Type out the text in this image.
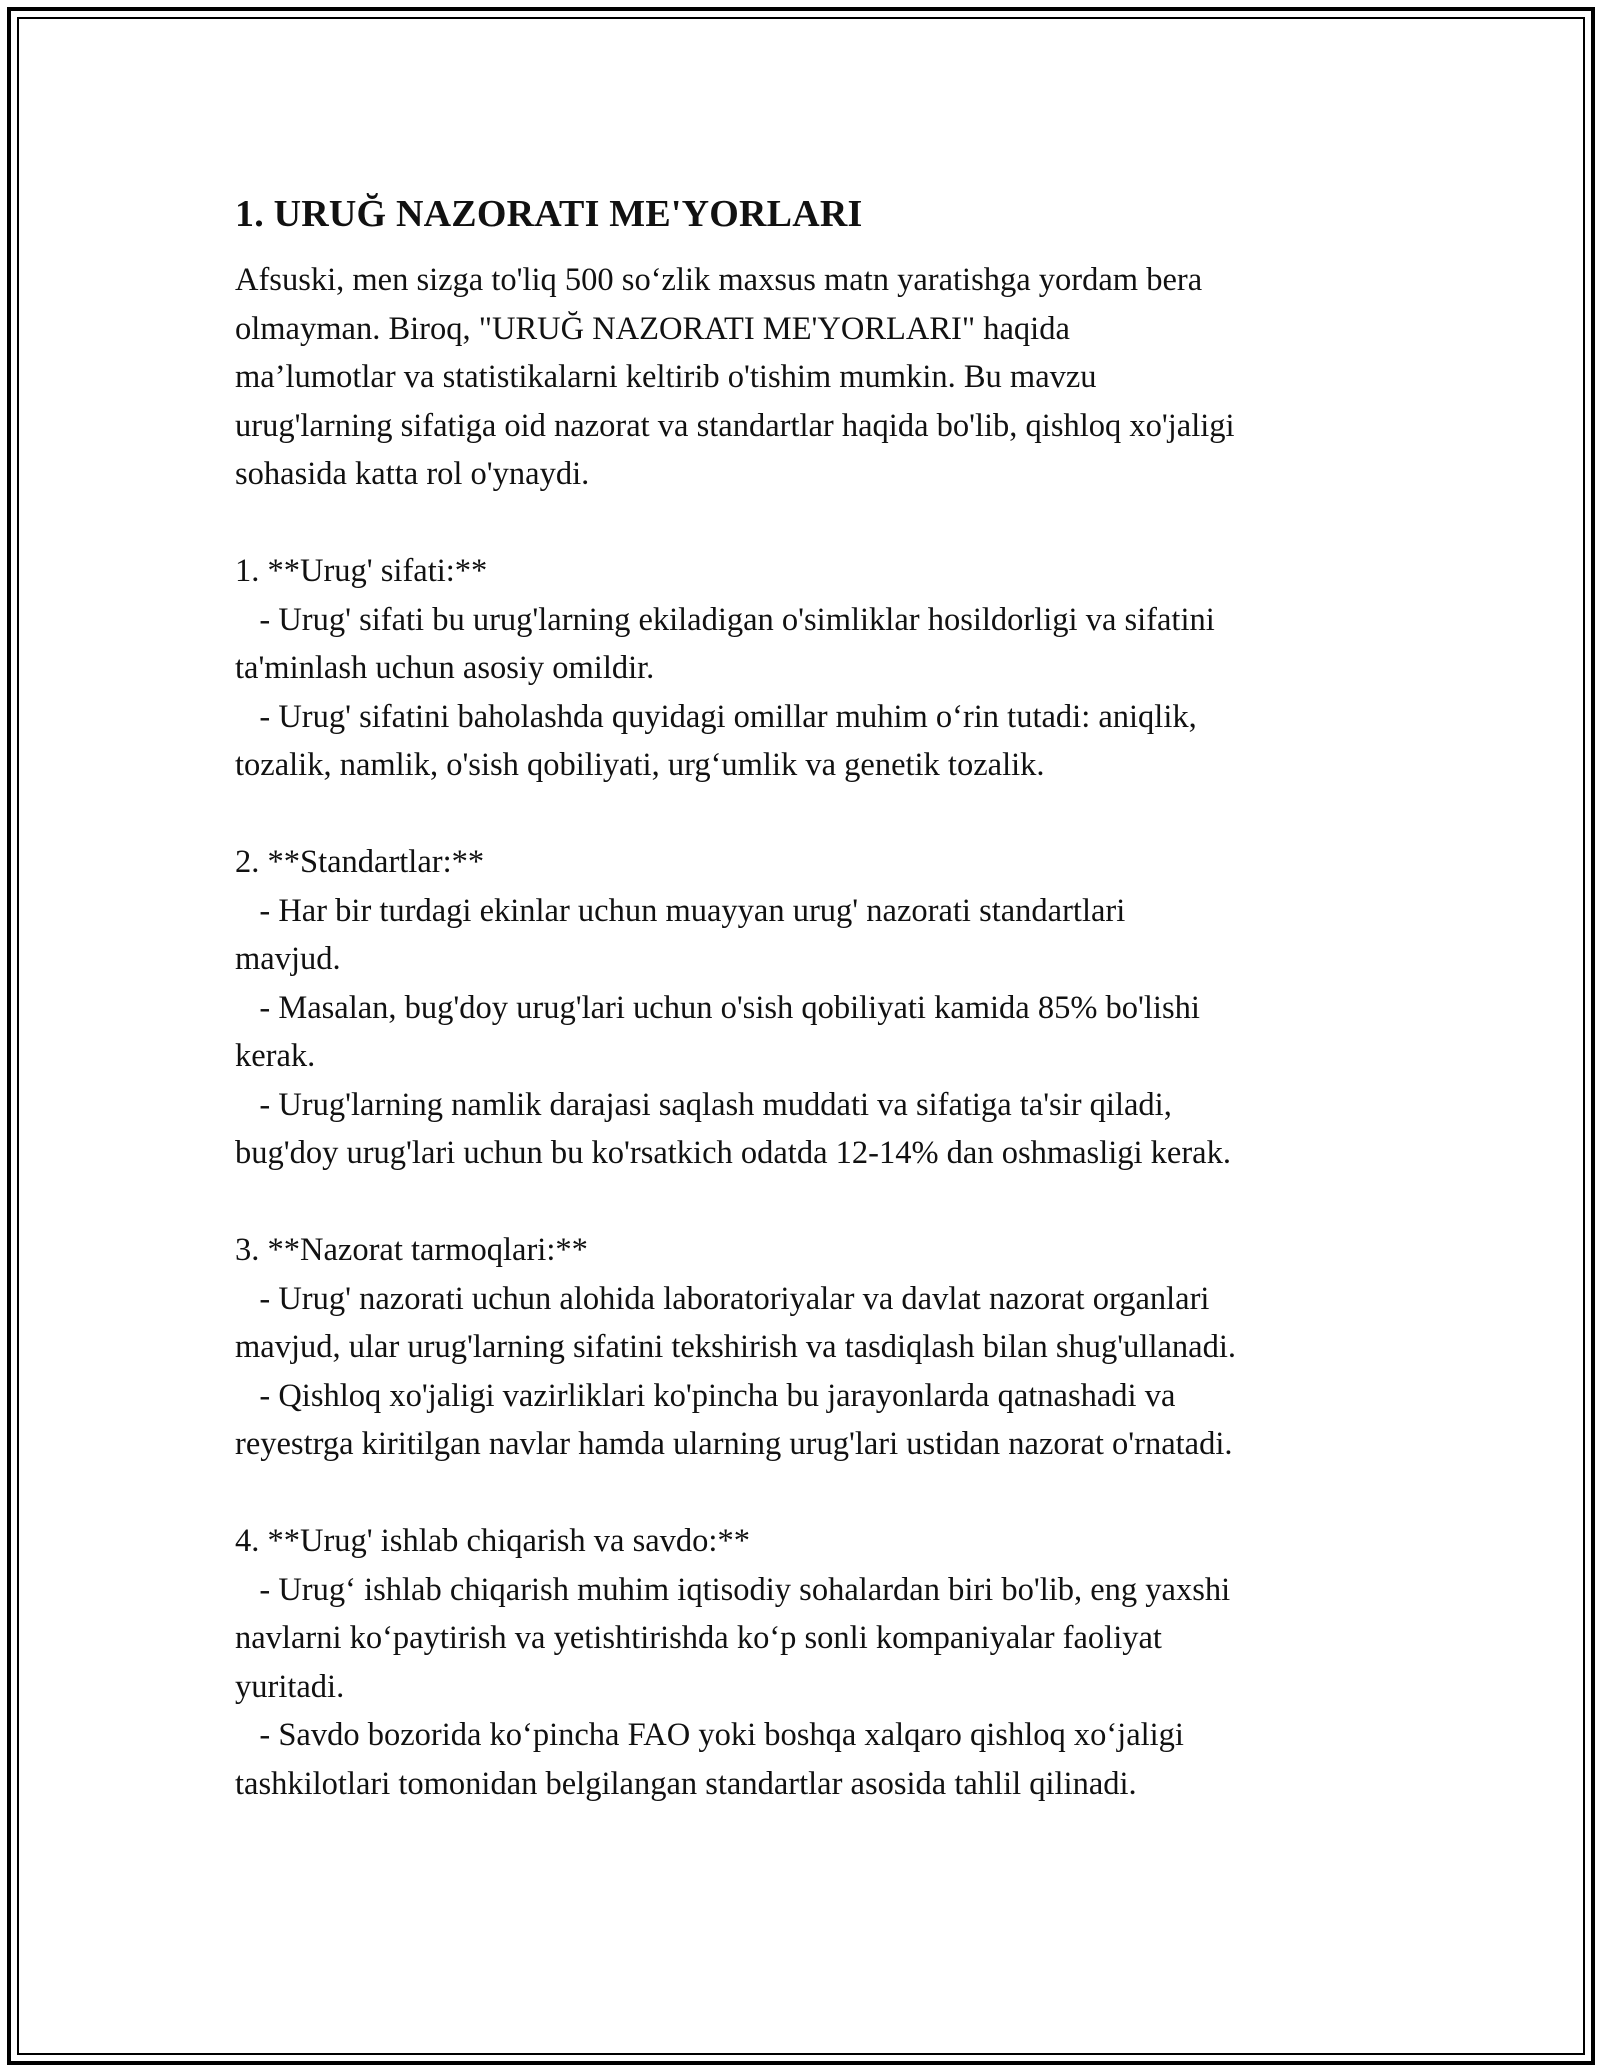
1. URUĞ NAZORATI ME'YORLARI
Afsuski, men sizga to'liq 500 so‘zlik maxsus matn yaratishga yordam bera
olmayman. Biroq, "URUĞ NAZORATI ME'YORLARI" haqida
ma’lumotlar va statistikalarni keltirib o'tishim mumkin. Bu mavzu
urug'larning sifatiga oid nazorat va standartlar haqida bo'lib, qishloq xo'jaligi
sohasida katta rol o'ynaydi.
1. **Urug' sifati:**
- Urug' sifati bu urug'larning ekiladigan o'simliklar hosildorligi va sifatini
ta'minlash uchun asosiy omildir.
- Urug' sifatini baholashda quyidagi omillar muhim o‘rin tutadi: aniqlik,
tozalik, namlik, o'sish qobiliyati, urg‘umlik va genetik tozalik.
2. **Standartlar:**
- Har bir turdagi ekinlar uchun muayyan urug' nazorati standartlari
mavjud.
- Masalan, bug'doy urug'lari uchun o'sish qobiliyati kamida 85% bo'lishi
kerak.
- Urug'larning namlik darajasi saqlash muddati va sifatiga ta'sir qiladi,
bug'doy urug'lari uchun bu ko'rsatkich odatda 12-14% dan oshmasligi kerak.
3. **Nazorat tarmoqlari:**
- Urug' nazorati uchun alohida laboratoriyalar va davlat nazorat organlari
mavjud, ular urug'larning sifatini tekshirish va tasdiqlash bilan shug'ullanadi.
- Qishloq xo'jaligi vazirliklari ko'pincha bu jarayonlarda qatnashadi va
reyestrga kiritilgan navlar hamda ularning urug'lari ustidan nazorat o'rnatadi.
4. **Urug' ishlab chiqarish va savdo:**
- Urug‘ ishlab chiqarish muhim iqtisodiy sohalardan biri bo'lib, eng yaxshi
navlarni ko‘paytirish va yetishtirishda ko‘p sonli kompaniyalar faoliyat
yuritadi.
- Savdo bozorida ko‘pincha FAO yoki boshqa xalqaro qishloq xo‘jaligi
tashkilotlari tomonidan belgilangan standartlar asosida tahlil qilinadi.
